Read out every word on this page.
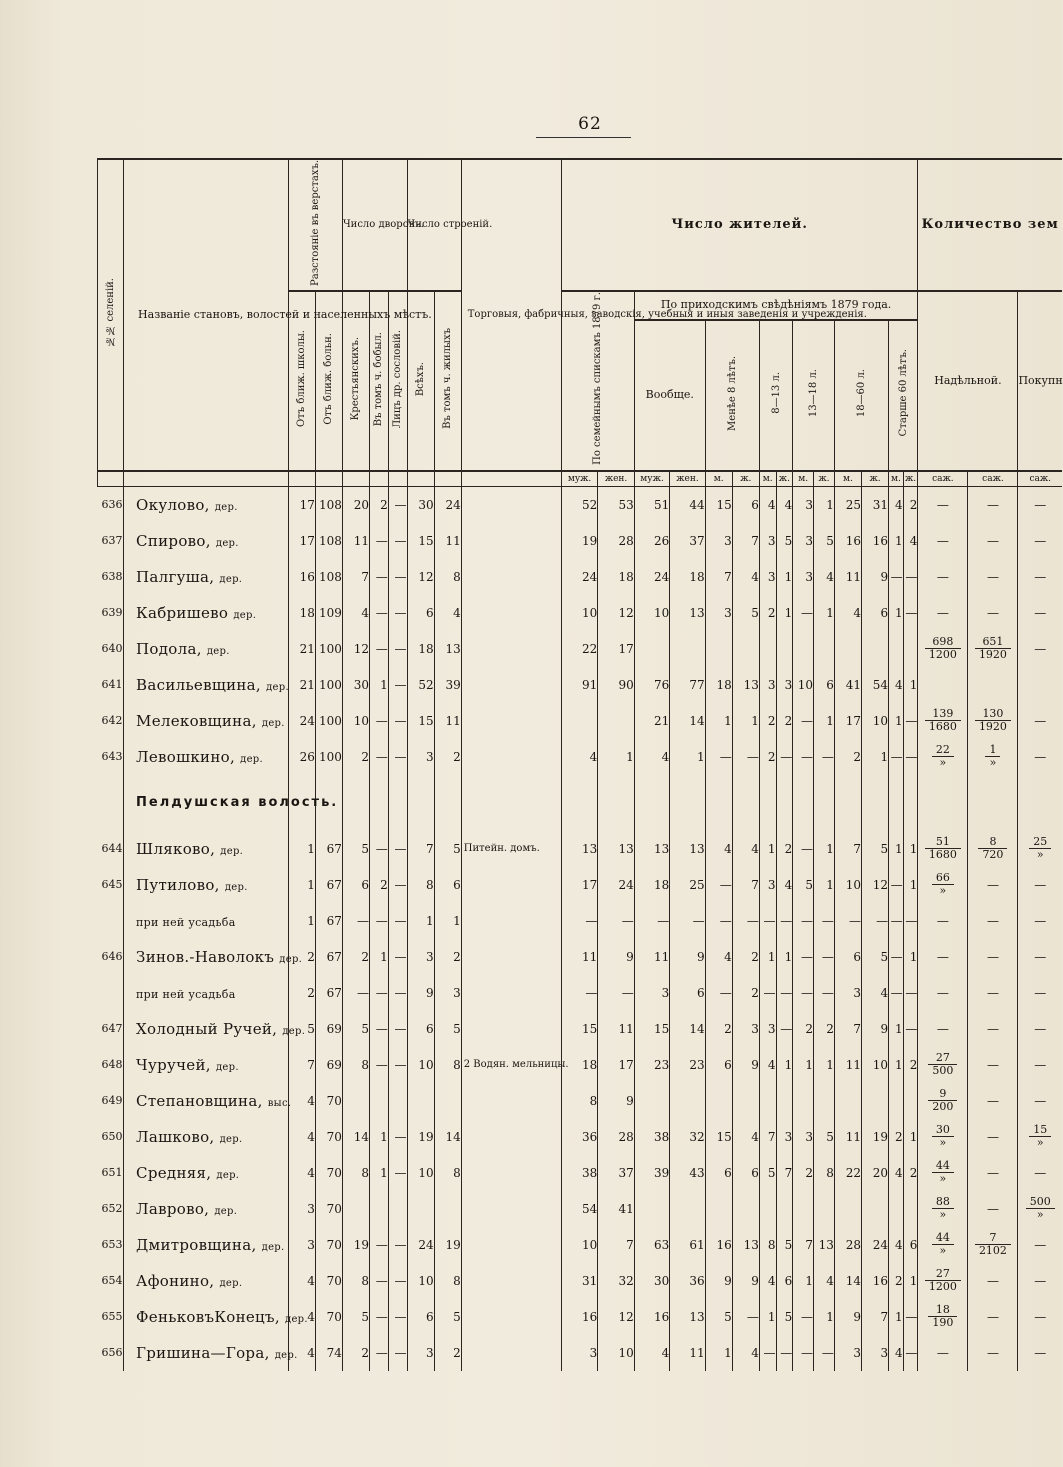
62
№№ селеній.	Названіе становъ, волостей и населенныхъ мѣстъ.	Разстояніе въ верстахъ.		Число дворовъ.			Число строеній.		Торговыя, фабричныя, заводскія, учебныя и иныя заведенія и учрежденія.	Число жителей.														Количество зем		
		Отъ ближ. школы.	Отъ ближ. больн.	Крестьянскихъ.	Въ томъ ч. бобыл.	Лицъ др. сословій.	Всѣхъ.	Въ томъ ч. жилыхъ		По семейнымъ спискамъ 1879 г.		По приходскимъ свѣдѣніямъ 1879 года.												Надѣльной.		Покупн
												Вообще.		Менѣе 8 лѣтъ.		8—13 л.		13—18 л.		18—60 л.		Старше 60 лѣтъ.				
										муж.	жен.	муж.	жен.	м.	ж.	м.	ж.	м.	ж.	м.	ж.	м.	ж.	саж.	саж.	саж.
636	Окулово, дер.	17	108	20	2	—	30	24		52	53	51	44	15	6	4	4	3	1	25	31	4	2	—	—	—
637	Спирово, дер.	17	108	11	—	—	15	11		19	28	26	37	3	7	3	5	3	5	16	16	1	4	—	—	—
638	Палгуша, дер.	16	108	7	—	—	12	8		24	18	24	18	7	4	3	1	3	4	11	9	—	—	—	—	—
639	Кабришево дер.	18	109	4	—	—	6	4		10	12	10	13	3	5	2	1	—	1	4	6	1	—	—	—	—
640	Подола, дер.	21	100	12	—	—	18	13		22	17													$\frac{698}{1200}$	$\frac{651}{1920}$	—
641	Васильевщина, дер.	21	100	30	1	—	52	39		91	90	76	77	18	13	3	3	10	6	41	54	4	1			
642	Мелековщина, дер.	24	100	10	—	—	15	11				21	14	1	1	2	2	—	1	17	10	1	—	$\frac{139}{1680}$	$\frac{130}{1920}$	—
643	Левошкино, дер.	26	100	2	—	—	3	2		4	1	4	1	—	—	2	—	—	—	2	1	—	—	$\frac{22}{»}$	$\frac{1}{»}$	—
	Пелдушская волость.																									
644	Шляково, дер.	1	67	5	—	—	7	5	Питейн. домъ.	13	13	13	13	4	4	1	2	—	1	7	5	1	1	$\frac{51}{1680}$	$\frac{8}{720}$	$\frac{25}{»}$

645	Путилово, дер.	1	67	6	2	—	8	6		17	24	18	25	—	7	3	4	5	1	10	12	—	1	$\frac{66}{»}$	—	—
	при ней усадьба	1	67	—	—	—	1	1		—	—	—	—	—	—	—	—	—	—	—	—	—	—	—	—	—
646	Зинов.-Наволокъ дер.	2	67	2	1	—	3	2		11	9	11	9	4	2	1	1	—	—	6	5	—	1	—	—	—
	при ней усадьба	2	67	—	—	—	9	3		—	—	3	6	—	2	—	—	—	—	3	4	—	—	—	—	—
647	Холодный Ручей, дер.	5	69	5	—	—	6	5		15	11	15	14	2	3	3	—	2	2	7	9	1	—	—	—	—
648	Чуручей, дер.	7	69	8	—	—	10	8	2 Водян. мельницы.	18	17	23	23	6	9	4	1	1	1	11	10	1	2	$\frac{27}{500}$	—	—
649	Степановщина, выс.	4	70							8	9													$\frac{9}{200}$	—	—
650	Лашково, дер.	4	70	14	1	—	19	14		36	28	38	32	15	4	7	3	3	5	11	19	2	1	$\frac{30}{»}$	—	$\frac{15}{»}$

651	Средняя, дер.	4	70	8	1	—	10	8		38	37	39	43	6	6	5	7	2	8	22	20	4	2	$\frac{44}{»}$	—	—
652	Лаврово, дер.	3	70							54	41													$\frac{88}{»}$	—	$\frac{500}{»}$

653	Дмитровщина, дер.	3	70	19	—	—	24	19		10	7	63	61	16	13	8	5	7	13	28	24	4	6	$\frac{44}{»}$	$\frac{7}{2102}$	—
654	Афонино, дер.	4	70	8	—	—	10	8		31	32	30	36	9	9	4	6	1	4	14	16	2	1	$\frac{27}{1200}$	—	—
655	ФеньковъКонецъ, дер.	4	70	5	—	—	6	5		16	12	16	13	5	—	1	5	—	1	9	7	1	—	$\frac{18}{190}$	—	—
656	Гришина—Гора, дер.	4	74	2	—	—	3	2		3	10	4	11	1	4	—	—	—	—	3	3	4	—	—	—	—
